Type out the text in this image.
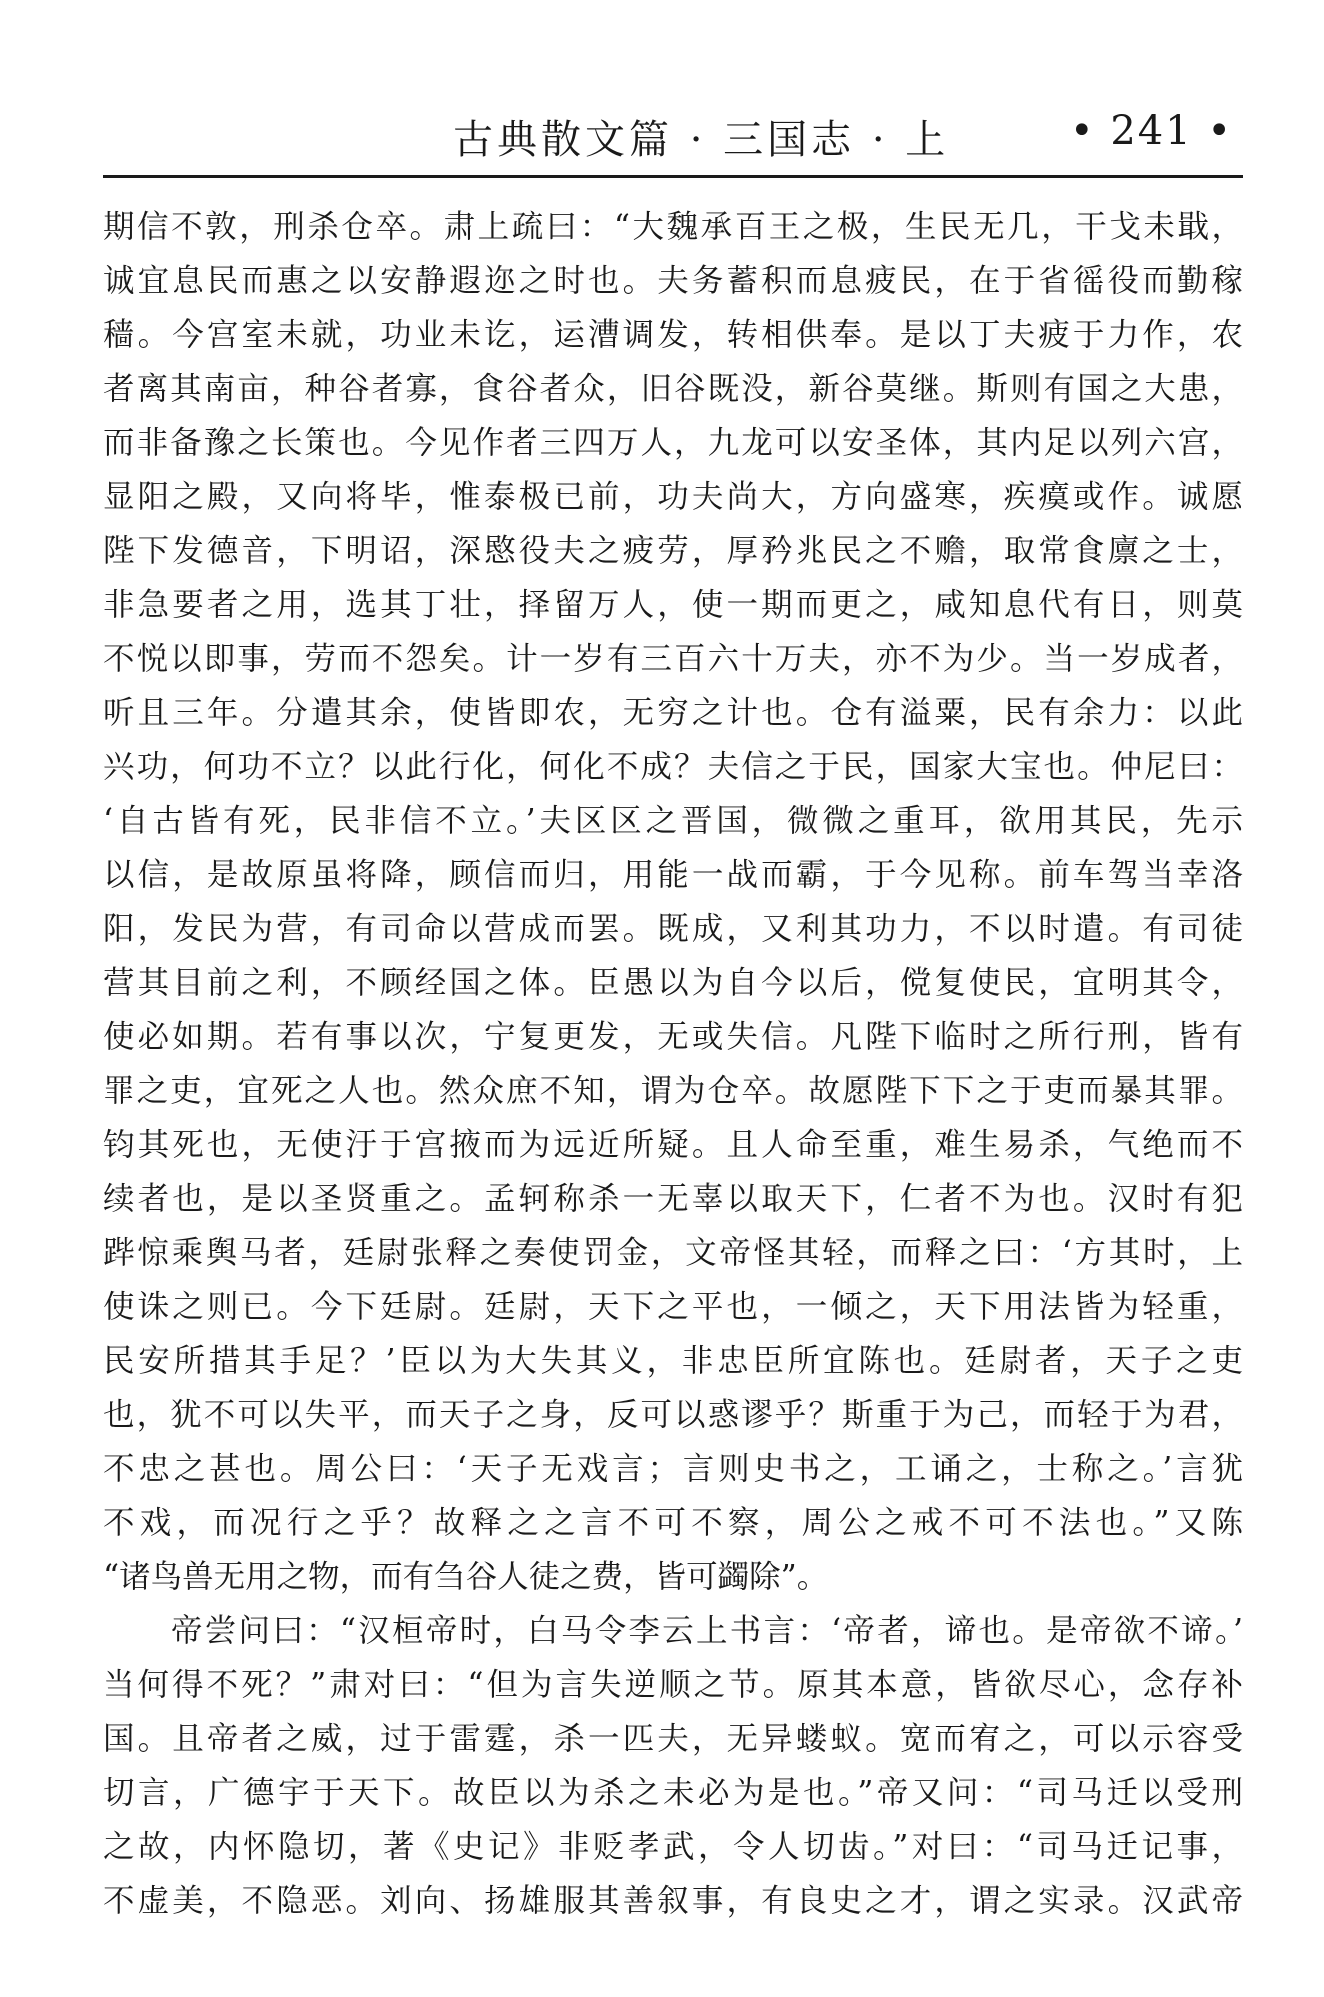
古典散文篇 · 三国志 · 上	• 241 •
期信不敦，刑杀仓卒。肃上疏曰：“大魏承百王之极，生民无几，干戈未戢，
诚宜息民而惠之以安静遐迩之时也。夫务蓄积而息疲民，在于省徭役而勤稼
穑。今宫室未就，功业未讫，运漕调发，转相供奉。是以丁夫疲于力作，农
者离其南亩，种谷者寡，食谷者众，旧谷既没，新谷莫继。斯则有国之大患，
而非备豫之长策也。今见作者三四万人，九龙可以安圣体，其内足以列六宫，
显阳之殿，又向将毕，惟泰极已前，功夫尚大，方向盛寒，疾瘼或作。诚愿
陛下发德音，下明诏，深愍役夫之疲劳，厚矜兆民之不赡，取常食廪之士，
非急要者之用，选其丁壮，择留万人，使一期而更之，咸知息代有日，则莫
不悦以即事，劳而不怨矣。计一岁有三百六十万夫，亦不为少。当一岁成者，
听且三年。分遣其余，使皆即农，无穷之计也。仓有溢粟，民有余力：以此
兴功，何功不立？以此行化，何化不成？夫信之于民，国家大宝也。仲尼曰：
‘自古皆有死，民非信不立。’夫区区之晋国，微微之重耳，欲用其民，先示
以信，是故原虽将降，顾信而归，用能一战而霸，于今见称。前车驾当幸洛
阳，发民为营，有司命以营成而罢。既成，又利其功力，不以时遣。有司徒
营其目前之利，不顾经国之体。臣愚以为自今以后，傥复使民，宜明其令，
使必如期。若有事以次，宁复更发，无或失信。凡陛下临时之所行刑，皆有
罪之吏，宜死之人也。然众庶不知，谓为仓卒。故愿陛下下之于吏而暴其罪。
钧其死也，无使汙于宫掖而为远近所疑。且人命至重，难生易杀，气绝而不
续者也，是以圣贤重之。孟轲称杀一无辜以取天下，仁者不为也。汉时有犯
跸惊乘舆马者，廷尉张释之奏使罚金，文帝怪其轻，而释之曰：‘方其时，上
使诛之则已。今下廷尉。廷尉，天下之平也，一倾之，天下用法皆为轻重，
民安所措其手足？’臣以为大失其义，非忠臣所宜陈也。廷尉者，天子之吏
也，犹不可以失平，而天子之身，反可以惑谬乎？斯重于为己，而轻于为君，
不忠之甚也。周公曰：‘天子无戏言；言则史书之，工诵之，士称之。’言犹
不戏，而况行之乎？故释之之言不可不察，周公之戒不可不法也。”又陈
“诸鸟兽无用之物，而有刍谷人徒之费，皆可蠲除”。
帝尝问曰：“汉桓帝时，白马令李云上书言：‘帝者，谛也。是帝欲不谛。’
当何得不死？”肃对曰：“但为言失逆顺之节。原其本意，皆欲尽心，念存补
国。且帝者之威，过于雷霆，杀一匹夫，无异蝼蚁。宽而宥之，可以示容受
切言，广德宇于天下。故臣以为杀之未必为是也。”帝又问：“司马迁以受刑
之故，内怀隐切，著《史记》非贬孝武，令人切齿。”对曰：“司马迁记事，
不虚美，不隐恶。刘向、扬雄服其善叙事，有良史之才，谓之实录。汉武帝
